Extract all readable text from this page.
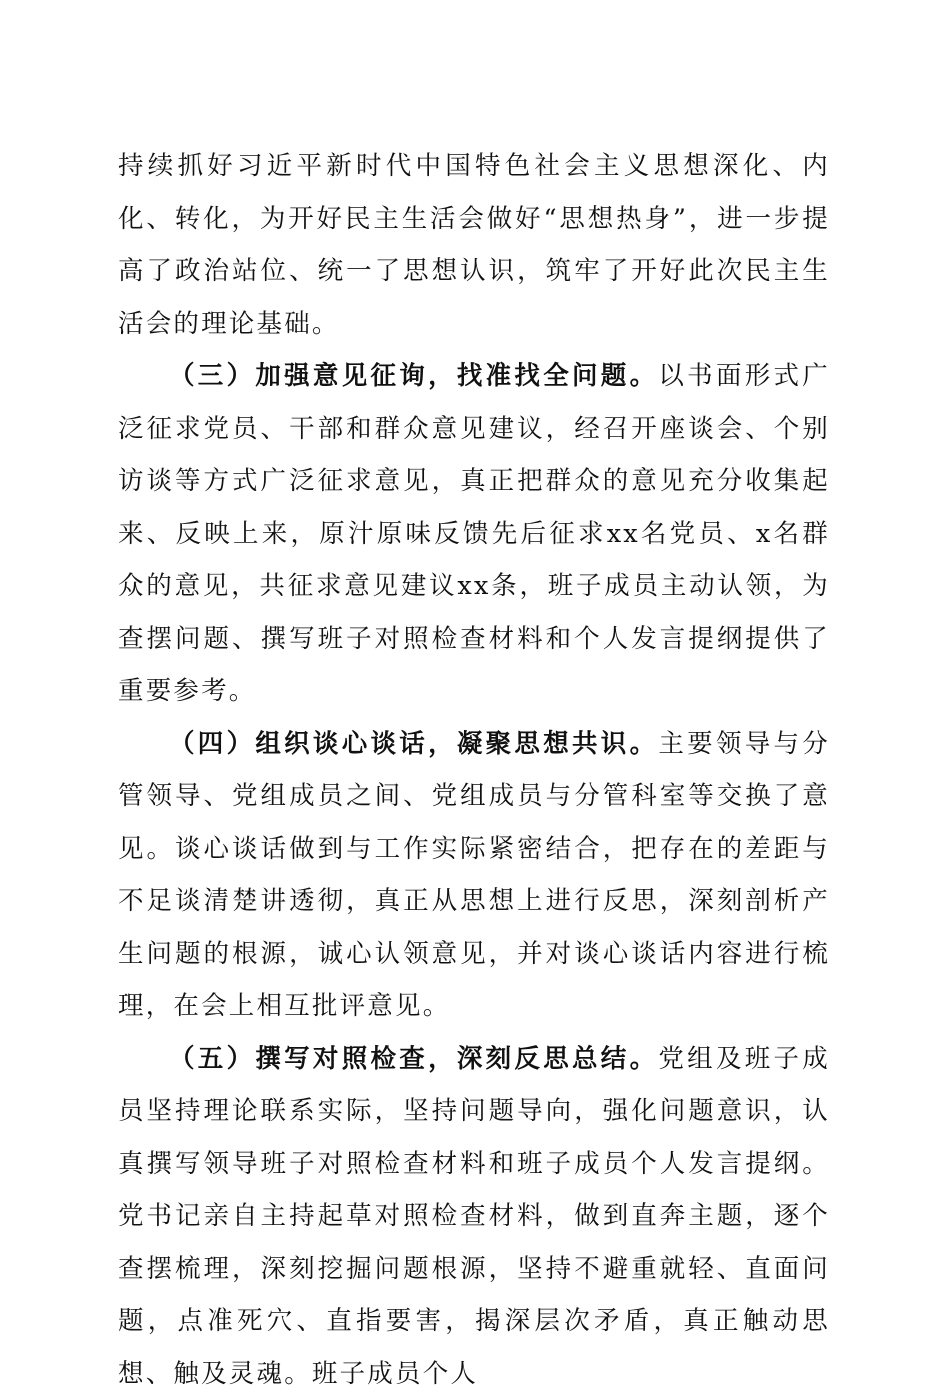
持续抓好习近平新时代中国特色社会主义思想深化、内化、转化，为开好民主生活会做好“思想热身”，进一步提高了政治站位、统一了思想认识，筑牢了开好此次民主生活会的理论基础。

（三）加强意见征询，找准找全问题。以书面形式广泛征求党员、干部和群众意见建议，经召开座谈会、个别访谈等方式广泛征求意见，真正把群众的意见充分收集起来、反映上来，原汁原味反馈先后征求xx名党员、x名群众的意见，共征求意见建议xx条，班子成员主动认领，为查摆问题、撰写班子对照检查材料和个人发言提纲提供了重要参考。

（四）组织谈心谈话，凝聚思想共识。主要领导与分管领导、党组成员之间、党组成员与分管科室等交换了意见。谈心谈话做到与工作实际紧密结合，把存在的差距与不足谈清楚讲透彻，真正从思想上进行反思，深刻剖析产生问题的根源，诚心认领意见，并对谈心谈话内容进行梳理，在会上相互批评意见。

（五）撰写对照检查，深刻反思总结。党组及班子成员坚持理论联系实际，坚持问题导向，强化问题意识，认真撰写领导班子对照检查材料和班子成员个人发言提纲。党书记亲自主持起草对照检查材料，做到直奔主题，逐个查摆梳理，深刻挖掘问题根源，坚持不避重就轻、直面问题，点准死穴、直指要害，揭深层次矛盾，真正触动思想、触及灵魂。班子成员个人
